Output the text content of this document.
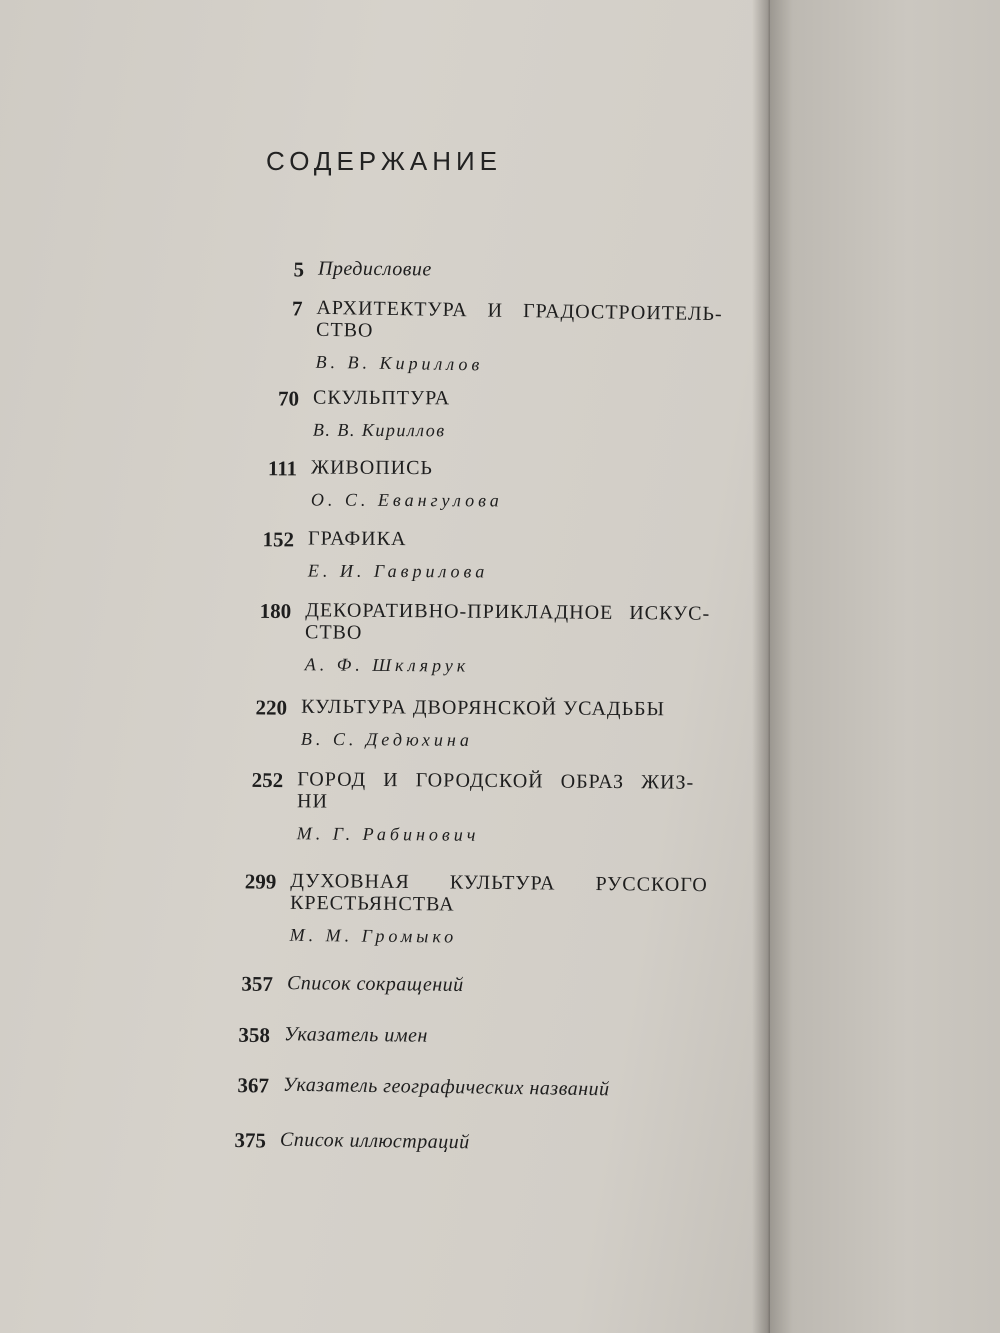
СОДЕРЖАНИЕ
5 Предисловие
7 АРХИТЕКТУРА И ГРАДОСТРОИТЕЛЬ-
СТВО
В. В. Кириллов
70 СКУЛЬПТУРА
В. В. Кириллов
111 ЖИВОПИСЬ
О. С. Евангулова
152 ГРАФИКА
Е. И. Гаврилова
180 ДЕКОРАТИВНО-ПРИКЛАДНОЕ ИСКУС-
СТВО
А. Ф. Шклярук
220 КУЛЬТУРА ДВОРЯНСКОЙ УСАДЬБЫ
В. С. Дедюхина
252 ГОРОД И ГОРОДСКОЙ ОБРАЗ ЖИЗ-
НИ
М. Г. Рабинович
299 ДУХОВНАЯ КУЛЬТУРА РУССКОГО
КРЕСТЬЯНСТВА
М. М. Громыко
357 Список сокращений
358 Указатель имен
367 Указатель географических названий
375 Список иллюстраций
